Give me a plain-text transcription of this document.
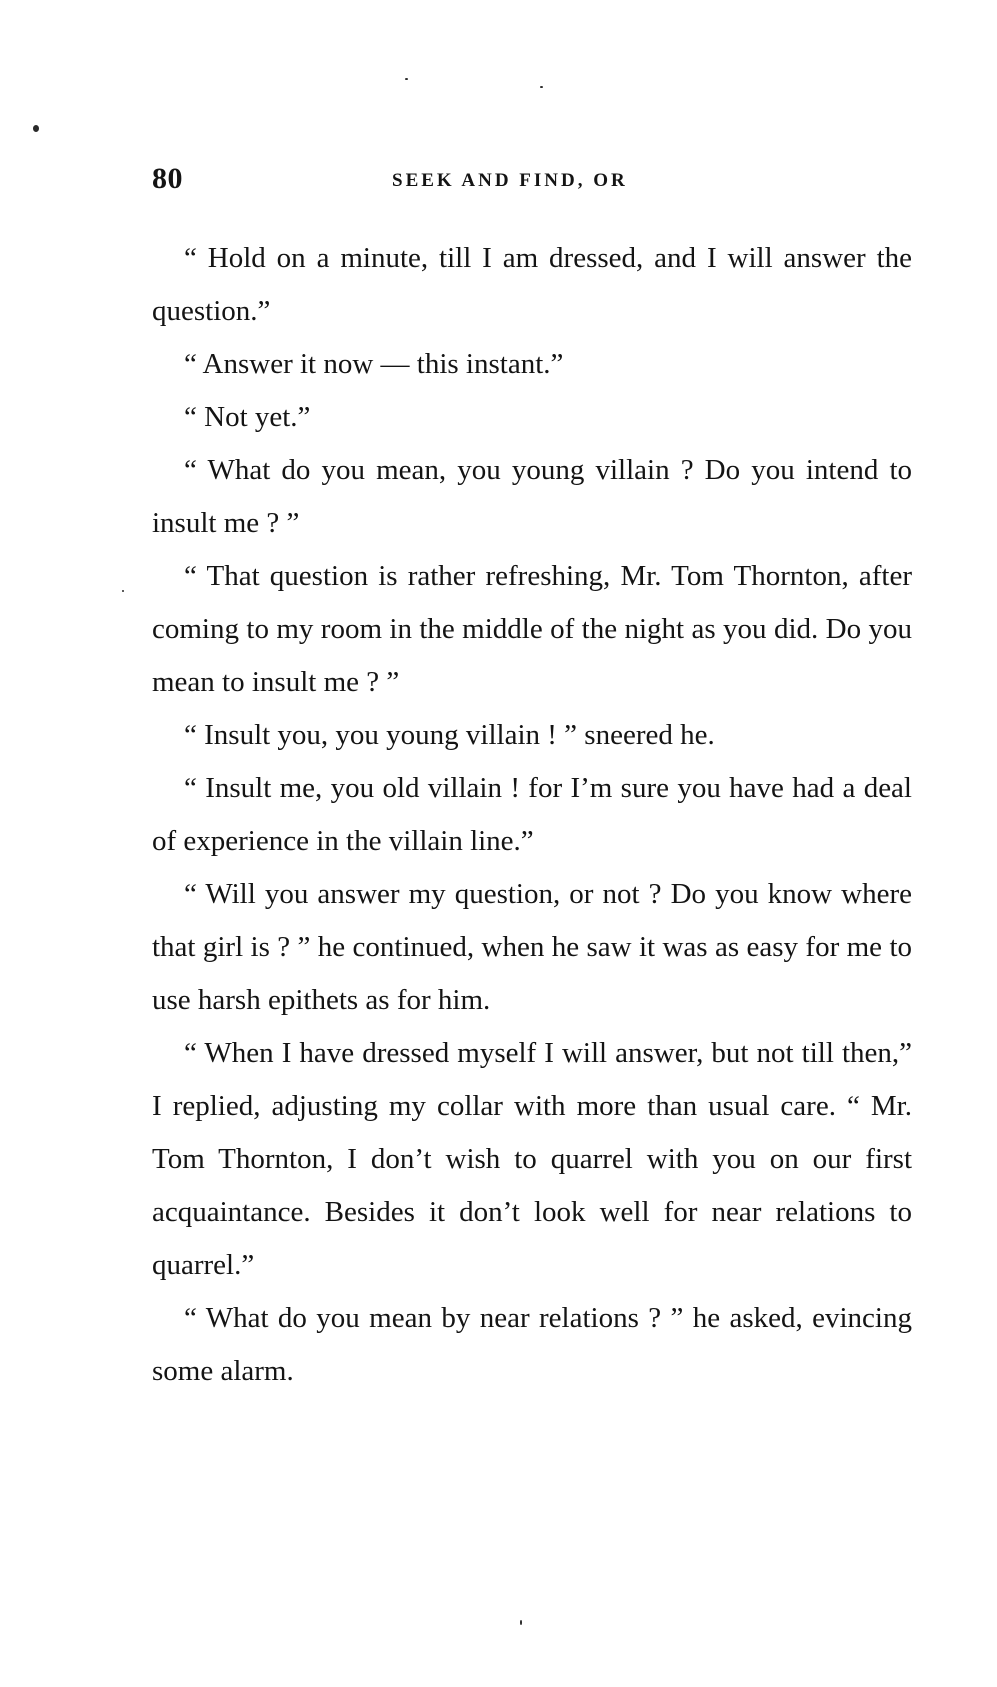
80	SEEK AND FIND, OR

“ Hold on a minute, till I am dressed, and I will answer the question.”

“ Answer it now — this instant.”

“ Not yet.”

“ What do you mean, you young villain ? Do you intend to insult me ? ”

“ That question is rather refreshing, Mr. Tom Thornton, after coming to my room in the middle of the night as you did. Do you mean to insult me ? ”

“ Insult you, you young villain ! ” sneered he.

“ Insult me, you old villain ! for I’m sure you have had a deal of experience in the villain line.”

“ Will you answer my question, or not ? Do you know where that girl is ? ” he continued, when he saw it was as easy for me to use harsh epithets as for him.

“ When I have dressed myself I will answer, but not till then,” I replied, adjusting my collar with more than usual care. “ Mr. Tom Thornton, I don’t wish to quarrel with you on our first acquaintance. Besides it don’t look well for near relations to quarrel.”

“ What do you mean by near relations ? ” he asked, evincing some alarm.
